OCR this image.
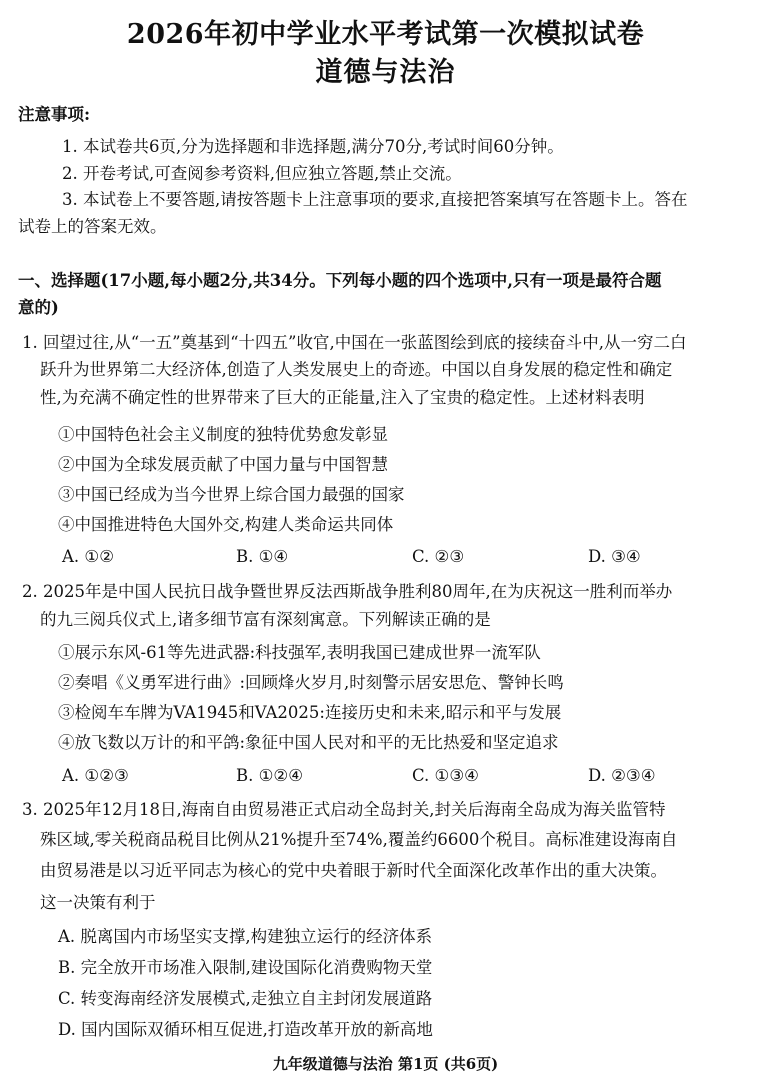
2026年初中学业水平考试第一次模拟试卷
道德与法治
注意事项:
1. 本试卷共6页,分为选择题和非选择题,满分70分,考试时间60分钟。
2. 开卷考试,可查阅参考资料,但应独立答题,禁止交流。
3. 本试卷上不要答题,请按答题卡上注意事项的要求,直接把答案填写在答题卡上。答在
试卷上的答案无效。
一、选择题(17小题,每小题2分,共34分。下列每小题的四个选项中,只有一项是最符合题
意的)
1. 回望过往,从“一五”奠基到“十四五”收官,中国在一张蓝图绘到底的接续奋斗中,从一穷二白
跃升为世界第二大经济体,创造了人类发展史上的奇迹。中国以自身发展的稳定性和确定
性,为充满不确定性的世界带来了巨大的正能量,注入了宝贵的稳定性。上述材料表明
①中国特色社会主义制度的独特优势愈发彰显
②中国为全球发展贡献了中国力量与中国智慧
③中国已经成为当今世界上综合国力最强的国家
④中国推进特色大国外交,构建人类命运共同体
A. ①②	B. ①④	C. ②③	D. ③④
2. 2025年是中国人民抗日战争暨世界反法西斯战争胜利80周年,在为庆祝这一胜利而举办
的九三阅兵仪式上,诸多细节富有深刻寓意。下列解读正确的是
①展示东风-61等先进武器:科技强军,表明我国已建成世界一流军队
②奏唱《义勇军进行曲》:回顾烽火岁月,时刻警示居安思危、警钟长鸣
③检阅车车牌为VA1945和VA2025:连接历史和未来,昭示和平与发展
④放飞数以万计的和平鸽:象征中国人民对和平的无比热爱和坚定追求
A. ①②③	B. ①②④	C. ①③④	D. ②③④
3. 2025年12月18日,海南自由贸易港正式启动全岛封关,封关后海南全岛成为海关监管特
殊区域,零关税商品税目比例从21%提升至74%,覆盖约6600个税目。高标准建设海南自
由贸易港是以习近平同志为核心的党中央着眼于新时代全面深化改革作出的重大决策。
这一决策有利于
A. 脱离国内市场坚实支撑,构建独立运行的经济体系
B. 完全放开市场准入限制,建设国际化消费购物天堂
C. 转变海南经济发展模式,走独立自主封闭发展道路
D. 国内国际双循环相互促进,打造改革开放的新高地
九年级道德与法治 第1页 (共6页)
